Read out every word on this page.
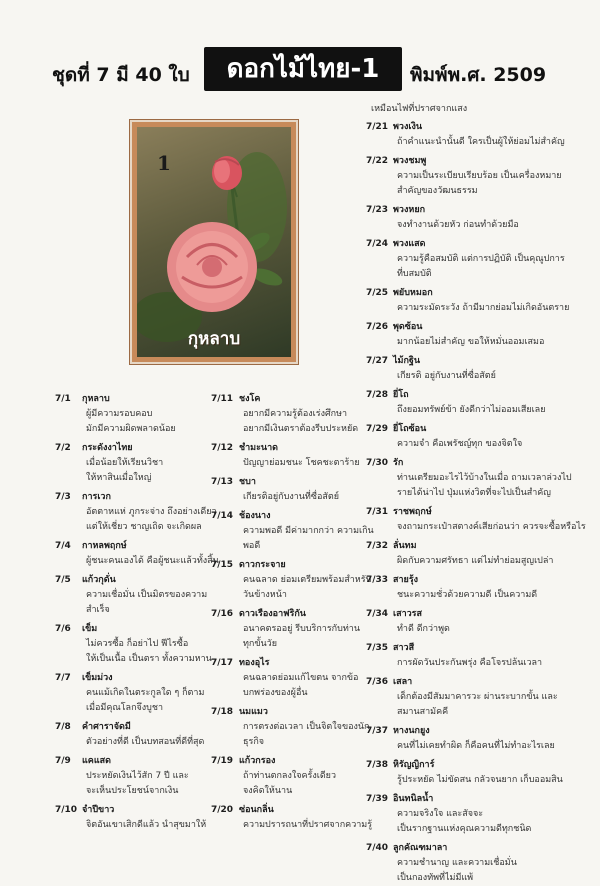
ชุดที่ 7 มี 40 ใบ	ดอกไม้ไทย-1	พิมพ์พ.ศ. 2509
1
กุหลาบ
เหมือนไฟที่ปราศจากแสง
7/1 กุหลาบ
ผู้มีความรอบคอบ
มักมีความผิดพลาดน้อย
7/2 กระดังงาไทย
เมื่อน้อยให้เรียนวิชา
ให้หาสินเมื่อใหญ่
7/3 การเวก
อัตตาหแห่ ภูกระจ่าง ถึงอย่างเดียว
แต่ให้เชี่ยว ชาญเถิด จะเกิดผล
7/4 กาหลพฤกษ์
ผู้ชนะคนเองได้ คือผู้ชนะแล้วทั้งสิ้น
7/5 แก้วกุดั่น
ความเชื่อมั่น เป็นมิตรของความ
สำเร็จ
7/6 เข็ม
ไม่ควรซื้อ ก็อย่าไป ฟีไรซื้อ
ให้เป็นเนื้อ เป็นตรา ทั้งความหาน
7/7 เข็มม่วง
คนแม้เกิดในตระกูลใด ๆ ก็ตาม
เมื่อมีคุณโลกจึงบูชา
7/8 คำศาราจัดมี
ตัวอย่างที่ดี เป็นบทสอนที่ดีที่สุด
7/9 แคแสด
ประหยัดเงินไว้สัก 7 ปี และ
จะเห็นประโยชน์จากเงิน
7/10 จำปีขาว
จิตอันเขาเสิกดีแล้ว นำสุขมาให้
7/11 ชงโค
อยากมีความรู้ต้องเร่งศึกษา
อยากมีเงินตราต้องรีบประหยัด
7/12 ชำมะนาด
ปัญญาย่อมชนะ โชคชะตาร้าย
7/13 ชบา
เกียรติอยู่กับงานที่ซื่อสัตย์
7/14 ช้องนาง
ความพอดี มีค่ามากกว่า ความเกิน
พอดี
7/15 ดาวกระจาย
คนฉลาด ย่อมเตรียมพร้อมสำหรับ
วันข้างหน้า
7/16 ดาวเรืองอาฟริกัน
อนาคตรออยู่ รีบบริการกับท่าน
ทุกขั้นวัย
7/17 ทองอุไร
คนฉลาดย่อมแก้ไขตน จากข้อ
บกพร่องของผู้อื่น
7/18 นมแมว
การตรงต่อเวลา เป็นจิตใจของนัก
ธุรกิจ
7/19 แก้วกรอง
ถ้าท่านตกลงใจครั้งเดียว
จงคิดให้นาน
7/20 ซ่อนกลิ่น
ความปรารถนาที่ปราศจากความรู้
7/21 พวงเงิน
ถ้าคำแนะนำนั้นดี ใครเป็นผู้ให้ย่อมไม่สำคัญ
7/22 พวงชมพู
ความเป็นระเบียบเรียบร้อย เป็นเครื่องหมาย
สำคัญของวัฒนธรรม
7/23 พวงหยก
จงทำงานด้วยหัว ก่อนทำด้วยมือ
7/24 พวงแสด
ความรู้คือสมบัติ แต่การปฏิบัติ เป็นคุณูปการ
ที่บสมบัติ
7/25 พยับหมอก
ความระมัดระวัง ถ้ามีมากย่อมไม่เกิดอันตราย
7/26 พุดซ้อน
มากน้อยไม่สำคัญ ขอให้หมั่นออมเสมอ
7/27 ไม้กฐิน
เกียรติ อยู่กับงานที่ซื่อสัตย์
7/28 ยี่โถ
ถึงยอมทรัพย์ข้า ยังดีกว่าไม่ออมเสียเลย
7/29 ยี่โถซ้อน
ความจำ คือเพรัชญ์ทุก ของจิตใจ
7/30 รัก
ท่านเตรียมอะไรไว้บ้างในเมื่อ ถามเวลาล่วงไป
รายได้น่าไป ปุ่มแห่งวิตที่จะไปเป็นสำคัญ
7/31 ราชพฤกษ์
จงถามกระเป๋าสตางค์เสียก่อนว่า ควรจะซื้อหรือไร
7/32 ลั่นทม
ผิดกับความศรัทธา แต่ไม่ทำย่อมสูญเปล่า
7/33 สายรุ้ง
ชนะความชั่วด้วยความดี เป็นความดี
7/34 เสาวรส
ทำดี ดีกว่าพูด
7/35 สาวสี
การผัดวันประกันพรุ่ง คือโจรปล้นเวลา
7/36 เสลา
เด็กต้องมีสัมมาคารวะ ผ่านระบากขั้น และ
สมานสามัคคี
7/37 หางนกยูง
คนที่ไม่เคยทำผิด ก็คือคนที่ไม่ทำอะไรเลย
7/38 หิรัญญิการ์
รู้ประหยัด ไม่ขัดสน กลัวจนยาก เก็บออมสิน
7/39 อินทนิลน้ำ
ความจริงใจ และสัจจะ
เป็นรากฐานแห่งคุณความดีทุกชนิด
7/40 ลูกคัณฑมาลา
ความชำนาญ และความเชื่อมั่น
เป็นกองทัพที่ไม่มีแพ้
